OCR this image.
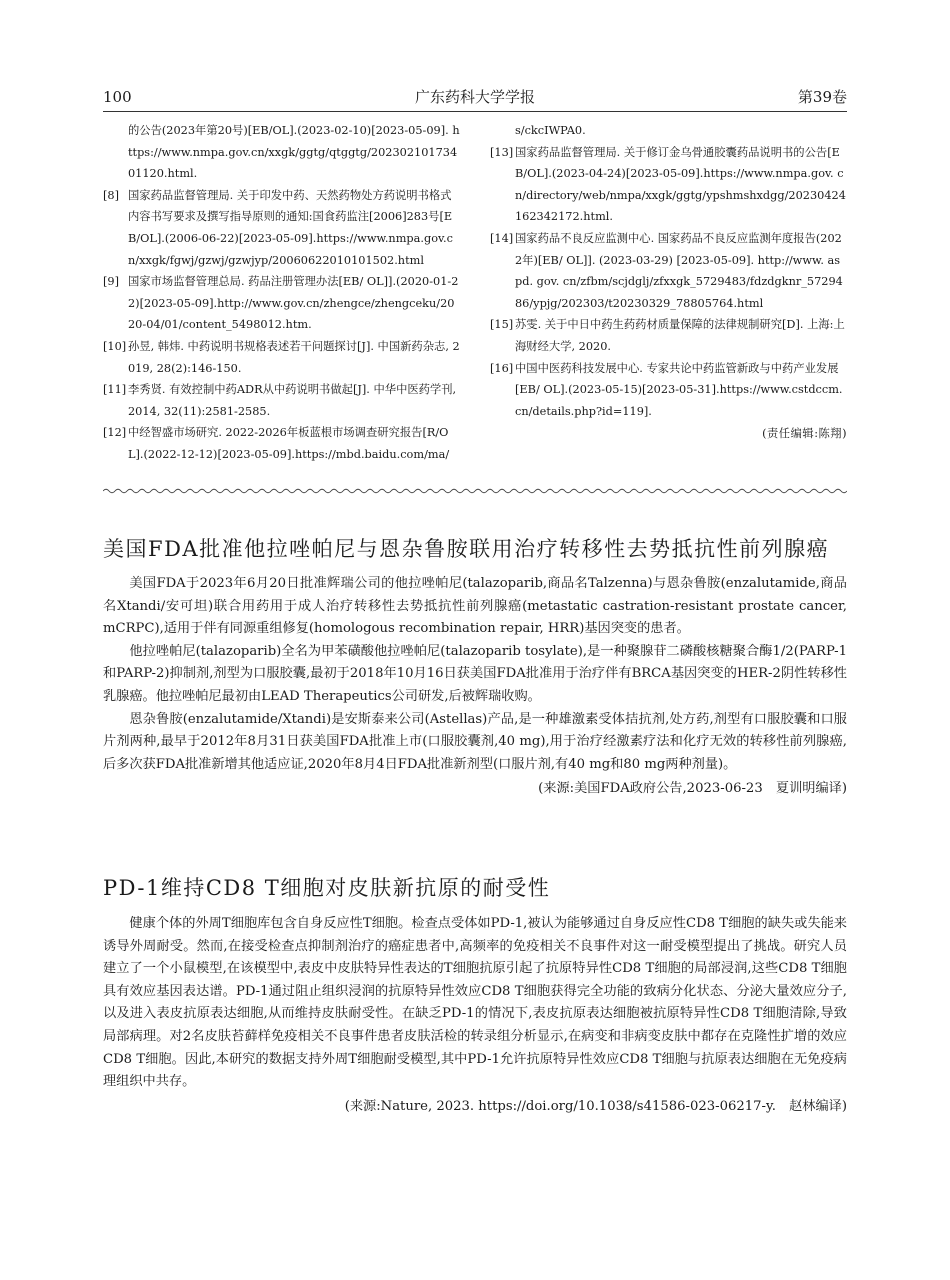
100	广东药科大学学报	第39卷
的公告(2023年第20号)[EB/OL].(2023-02-10)[2023-05-09]. https://www.nmpa.gov.cn/xxgk/ggtg/qtggtg/20230210173401120.html.
[8] 国家药品监督管理局. 关于印发中药、天然药物处方药说明书格式内容书写要求及撰写指导原则的通知:国食药监注[2006]283号[EB/OL].(2006-06-22)[2023-05-09].https://www.nmpa.gov.cn/xxgk/fgwj/gzwj/gzwjyp/20060622010101502.html
[9] 国家市场监督管理总局. 药品注册管理办法[EB/ OL]].(2020-01-22)[2023-05-09].http://www.gov.cn/zhengce/zhengceku/2020-04/01/content_5498012.htm.
[10] 孙昱, 韩炜. 中药说明书规格表述若干问题探讨[J]. 中国新药杂志, 2019, 28(2):146-150.
[11] 李秀贤. 有效控制中药ADR从中药说明书做起[J]. 中华中医药学刊, 2014, 32(11):2581-2585.
[12] 中经智盛市场研究. 2022-2026年板蓝根市场调查研究报告[R/OL].(2022-12-12)[2023-05-09].https://mbd.baidu.com/ma/
s/ckcIWPA0.
[13] 国家药品监督管理局. 关于修订金乌骨通胶囊药品说明书的公告[EB/OL].(2023-04-24)[2023-05-09].https://www.nmpa.gov. cn/directory/web/nmpa/xxgk/ggtg/ypshmshxdgg/20230424162342172.html.
[14] 国家药品不良反应监测中心. 国家药品不良反应监测年度报告(2022年)[EB/ OL]]. (2023-03-29) [2023-05-09]. http://www. aspd. gov. cn/zfbm/scjdglj/zfxxgk_5729483/fdzdgknr_5729486/ypjg/202303/t20230329_78805764.html
[15] 苏雯. 关于中日中药生药药材质量保障的法律规制研究[D]. 上海:上海财经大学, 2020.
[16] 中国中医药科技发展中心. 专家共论中药监管新政与中药产业发展[EB/ OL].(2023-05-15)[2023-05-31].https://www.cstdccm.cn/details.php?id=119].
(责任编辑:陈翔)
美国FDA批准他拉唑帕尼与恩杂鲁胺联用治疗转移性去势抵抗性前列腺癌

美国FDA于2023年6月20日批准辉瑞公司的他拉唑帕尼(talazoparib,商品名Talzenna)与恩杂鲁胺(enzalutamide,商品名Xtandi/安可坦)联合用药用于成人治疗转移性去势抵抗性前列腺癌(metastatic castration-resistant prostate cancer, mCRPC),适用于伴有同源重组修复(homologous recombination repair, HRR)基因突变的患者。

他拉唑帕尼(talazoparib)全名为甲苯磺酸他拉唑帕尼(talazoparib tosylate),是一种聚腺苷二磷酸核糖聚合酶1/2(PARP-1和PARP-2)抑制剂,剂型为口服胶囊,最初于2018年10月16日获美国FDA批准用于治疗伴有BRCA基因突变的HER-2阴性转移性乳腺癌。他拉唑帕尼最初由LEAD Therapeutics公司研发,后被辉瑞收购。

恩杂鲁胺(enzalutamide/Xtandi)是安斯泰来公司(Astellas)产品,是一种雄激素受体拮抗剂,处方药,剂型有口服胶囊和口服片剂两种,最早于2012年8月31日获美国FDA批准上市(口服胶囊剂,40 mg),用于治疗经激素疗法和化疗无效的转移性前列腺癌,后多次获FDA批准新增其他适应证,2020年8月4日FDA批准新剂型(口服片剂,有40 mg和80 mg两种剂量)。

(来源:美国FDA政府公告,2023-06-23　夏训明编译)
PD-1维持CD8 T细胞对皮肤新抗原的耐受性

健康个体的外周T细胞库包含自身反应性T细胞。检查点受体如PD-1,被认为能够通过自身反应性CD8 T细胞的缺失或失能来诱导外周耐受。然而,在接受检查点抑制剂治疗的癌症患者中,高频率的免疫相关不良事件对这一耐受模型提出了挑战。研究人员建立了一个小鼠模型,在该模型中,表皮中皮肤特异性表达的T细胞抗原引起了抗原特异性CD8 T细胞的局部浸润,这些CD8 T细胞具有效应基因表达谱。PD-1通过阻止组织浸润的抗原特异性效应CD8 T细胞获得完全功能的致病分化状态、分泌大量效应分子,以及进入表皮抗原表达细胞,从而维持皮肤耐受性。在缺乏PD-1的情况下,表皮抗原表达细胞被抗原特异性CD8 T细胞清除,导致局部病理。对2名皮肤苔藓样免疫相关不良事件患者皮肤活检的转录组分析显示,在病变和非病变皮肤中都存在克隆性扩增的效应CD8 T细胞。因此,本研究的数据支持外周T细胞耐受模型,其中PD-1允许抗原特异性效应CD8 T细胞与抗原表达细胞在无免疫病理组织中共存。

(来源:Nature, 2023. https://doi.org/10.1038/s41586-023-06217-y.　赵林编译)
